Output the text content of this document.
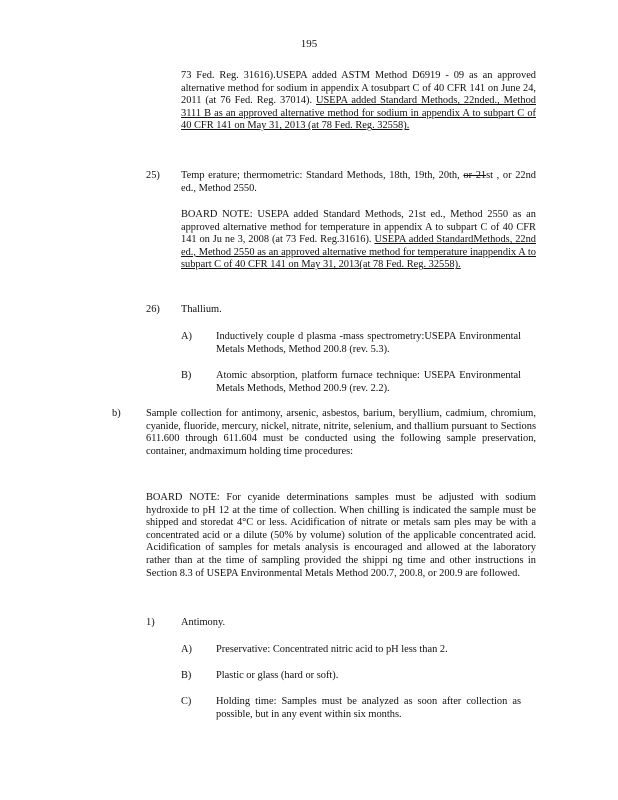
195

73 Fed. Reg. 31616).USEPA added ASTM Method D6919 - 09 as an approved alternative method for sodium in appendix A tosubpart C of 40 CFR 141 on June 24, 2011 (at 76 Fed. Reg. 37014). USEPA added Standard Methods, 22nded., Method 3111 B as an approved alternative method for sodium in appendix A to subpart C of 40 CFR 141 on May 31, 2013 (at 78 Fed. Reg. 32558).

25) Temp erature; thermometric: Standard Methods, 18th, 19th, 20th, or 21st , or 22nd ed., Method 2550.

BOARD NOTE: USEPA added Standard Methods, 21st ed., Method 2550 as an approved alternative method for temperature in appendix A to subpart C of 40 CFR 141 on Ju ne 3, 2008 (at 73 Fed. Reg.31616). USEPA added StandardMethods, 22nd ed., Method 2550 as an approved alternative method for temperature inappendix A to subpart C of 40 CFR 141 on May 31, 2013(at 78 Fed. Reg. 32558).

26) Thallium.
A) Inductively couple d plasma -mass spectrometry:USEPA Environmental Metals Methods, Method 200.8 (rev. 5.3).
B) Atomic absorption, platform furnace technique: USEPA Environmental Metals Methods, Method 200.9 (rev. 2.2).
b) Sample collection for antimony, arsenic, asbestos, barium, beryllium, cadmium, chromium, cyanide, fluoride, mercury, nickel, nitrate, nitrite, selenium, and thallium pursuant to Sections 611.600 through 611.604 must be conducted using the following sample preservation, container, andmaximum holding time procedures:
BOARD NOTE: For cyanide determinations samples must be adjusted with sodium hydroxide to pH 12 at the time of collection. When chilling is indicated the sample must be shipped and storedat 4°C or less. Acidification of nitrate or metals sam ples may be with a concentrated acid or a dilute (50% by volume) solution of the applicable concentrated acid. Acidification of samples for metals analysis is encouraged and allowed at the laboratory rather than at the time of sampling provided the shippi ng time and other instructions in Section 8.3 of USEPA Environmental Metals Method 200.7, 200.8, or 200.9 are followed.
1)	Antimony.
A) Preservative: Concentrated nitric acid to pH less than 2.
B) Plastic or glass (hard or soft).
C) Holding time: Samples must be analyzed as soon after collection as possible, but in any event within six months.
